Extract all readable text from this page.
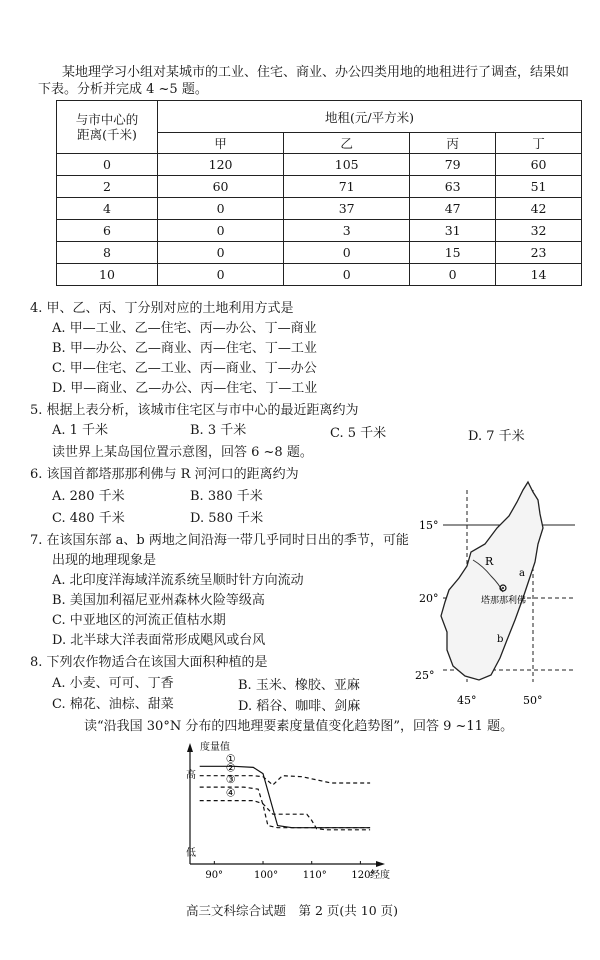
某地理学习小组对某城市的工业、住宅、商业、办公四类用地的地租进行了调查，结果如
下表。分析并完成 4 ~5 题。
与市中心的
距离(千米)	地租(元/平方米)			
	甲	乙	丙	丁
0	120	105	79	60
2	60	71	63	51
4	0	37	47	42
6	0	3	31	32
8	0	0	15	23
10	0	0	0	14
4. 甲、乙、丙、丁分别对应的土地利用方式是
A. 甲—工业、乙—住宅、丙—办公、丁—商业
B. 甲—办公、乙—商业、丙—住宅、丁—工业
C. 甲—住宅、乙—工业、丙—商业、丁—办公
D. 甲—商业、乙—办公、丙—住宅、丁—工业
5. 根据上表分析，该城市住宅区与市中心的最近距离约为
A. 1 千米	B. 3 千米	C. 5 千米	D. 7 千米
读世界上某岛国位置示意图，回答 6 ~8 题。
6. 该国首都塔那那利佛与 R 河河口的距离约为
A. 280 千米	B. 380 千米
C. 480 千米	D. 580 千米
7. 在该国东部 a、b 两地之间沿海一带几乎同时日出的季节，可能
出现的地理现象是
A. 北印度洋海域洋流系统呈顺时针方向流动
B. 美国加利福尼亚州森林火险等级高
C. 中亚地区的河流正值枯水期
D. 北半球大洋表面常形成飓风或台风
8. 下列农作物适合在该国大面积种植的是
A. 小麦、可可、丁香	B. 玉米、橡胶、亚麻
C. 棉花、油棕、甜菜	D. 稻谷、咖啡、剑麻
读“沿我国 30°N 分布的四地理要素度量值变化趋势图”，回答 9 ~11 题。
R
塔那那利佛
a
b
15°
20°
25°
45°	50°
度量值
高
低
经度
①
②
③
④
90°	100° 110° 120°
高三文科综合试题　第 2 页(共 10 页)
